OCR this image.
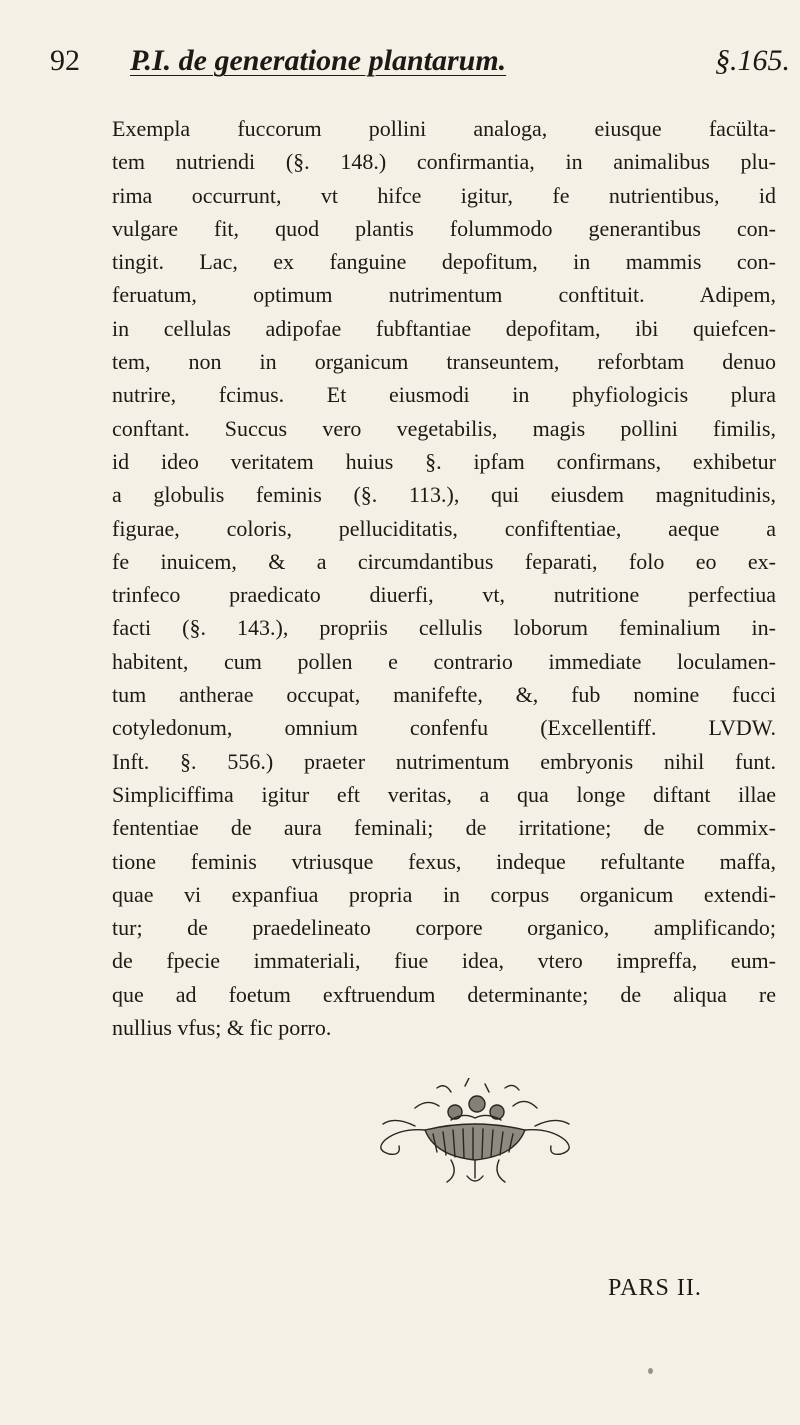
92 P.I. de generatione plantarum.	§.165.
Exempla fuccorum pollini analoga, eiusque facülta-
tem nutriendi (§. 148.) confirmantia, in animalibus plu-
rima occurrunt, vt hifce igitur, fe nutrientibus, id
vulgare fit, quod plantis folummodo generantibus con-
tingit. Lac, ex fanguine depofitum, in mammis con-
feruatum, optimum nutrimentum conftituit. Adipem,
in cellulas adipofae fubftantiae depofitam, ibi quiefcen-
tem, non in organicum transeuntem, reforbtam denuo
nutrire, fcimus. Et eiusmodi in phyfiologicis plura
conftant. Succus vero vegetabilis, magis pollini fimilis,
id ideo veritatem huius §. ipfam confirmans, exhibetur
a globulis feminis (§. 113.), qui eiusdem magnitudinis,
figurae, coloris, pelluciditatis, confiftentiae, aeque a
fe inuicem, & a circumdantibus feparati, folo eo ex-
trinfeco praedicato diuerfi, vt, nutritione perfectiua
facti (§. 143.), propriis cellulis loborum feminalium in-
habitent, cum pollen e contrario immediate loculamen-
tum antherae occupat, manifefte, &, fub nomine fucci
cotyledonum, omnium confenfu (Excellentiff. LVDW.
Inft. §. 556.) praeter nutrimentum embryonis nihil funt.
Simpliciffima igitur eft veritas, a qua longe diftant illae
fententiae de aura feminali; de irritatione; de commix-
tione feminis vtriusque fexus, indeque refultante maffa,
quae vi expanfiua propria in corpus organicum extendi-
tur; de praedelineato corpore organico, amplificando;
de fpecie immateriali, fiue idea, vtero impreffa, eum-
que ad foetum exftruendum determinante; de aliqua re
nullius vfus; & fic porro.
PARS II.
